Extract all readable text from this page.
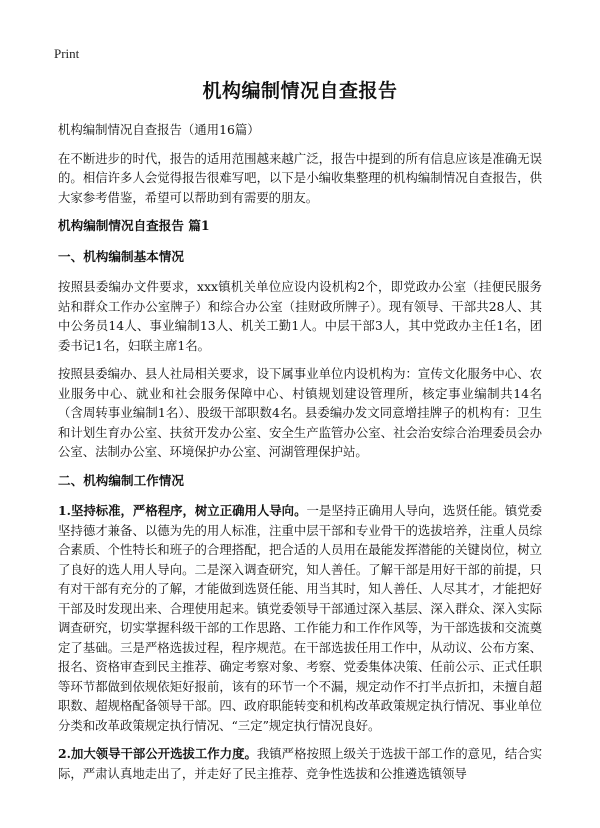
Print
机构编制情况自查报告

机构编制情况自查报告（通用16篇）

在不断进步的时代，报告的适用范围越来越广泛，报告中提到的所有信息应该是准确无误的。相信许多人会觉得报告很难写吧，以下是小编收集整理的机构编制情况自查报告，供大家参考借鉴，希望可以帮助到有需要的朋友。

机构编制情况自查报告 篇1
一、机构编制基本情况

按照县委编办文件要求，xxx镇机关单位应设内设机构2个，即党政办公室（挂便民服务站和群众工作办公室牌子）和综合办公室（挂财政所牌子）。现有领导、干部共28人、其中公务员14人、事业编制13人、机关工勤1人。中层干部3人，其中党政办主任1名，团委书记1名，妇联主席1名。

按照县委编办、县人社局相关要求，设下属事业单位内设机构为：宣传文化服务中心、农业服务中心、就业和社会服务保障中心、村镇规划建设管理所，核定事业编制共14名（含周转事业编制1名）、股级干部职数4名。县委编办发文同意增挂牌子的机构有：卫生和计划生育办公室、扶贫开发办公室、安全生产监管办公室、社会治安综合治理委员会办公室、法制办公室、环境保护办公室、河湖管理保护站。

二、机构编制工作情况

1.坚持标准，严格程序，树立正确用人导向。一是坚持正确用人导向，选贤任能。镇党委坚持德才兼备、以德为先的用人标准，注重中层干部和专业骨干的选拔培养，注重人员综合素质、个性特长和班子的合理搭配，把合适的人员用在最能发挥潜能的关键岗位，树立了良好的选人用人导向。二是深入调查研究，知人善任。了解干部是用好干部的前提，只有对干部有充分的了解，才能做到选贤任能、用当其时，知人善任、人尽其才，才能把好干部及时发现出来、合理使用起来。镇党委领导干部通过深入基层、深入群众、深入实际调查研究，切实掌握科级干部的工作思路、工作能力和工作作风等，为干部选拔和交流奠定了基础。三是严格选拔过程，程序规范。在干部选拔任用工作中，从动议、公布方案、报名、资格审查到民主推荐、确定考察对象、考察、党委集体决策、任前公示、正式任职等环节都做到依规依矩好报前，该有的环节一个不漏，规定动作不打半点折扣，未擅自超职数、超规格配备领导干部。四、政府职能转变和机构改革政策规定执行情况、事业单位分类和改革政策规定执行情况、“三定”规定执行情况良好。

2.加大领导干部公开选拔工作力度。我镇严格按照上级关于选拔干部工作的意见，结合实际，严肃认真地走出了，并走好了民主推荐、竞争性选拔和公推遴选镇领导
